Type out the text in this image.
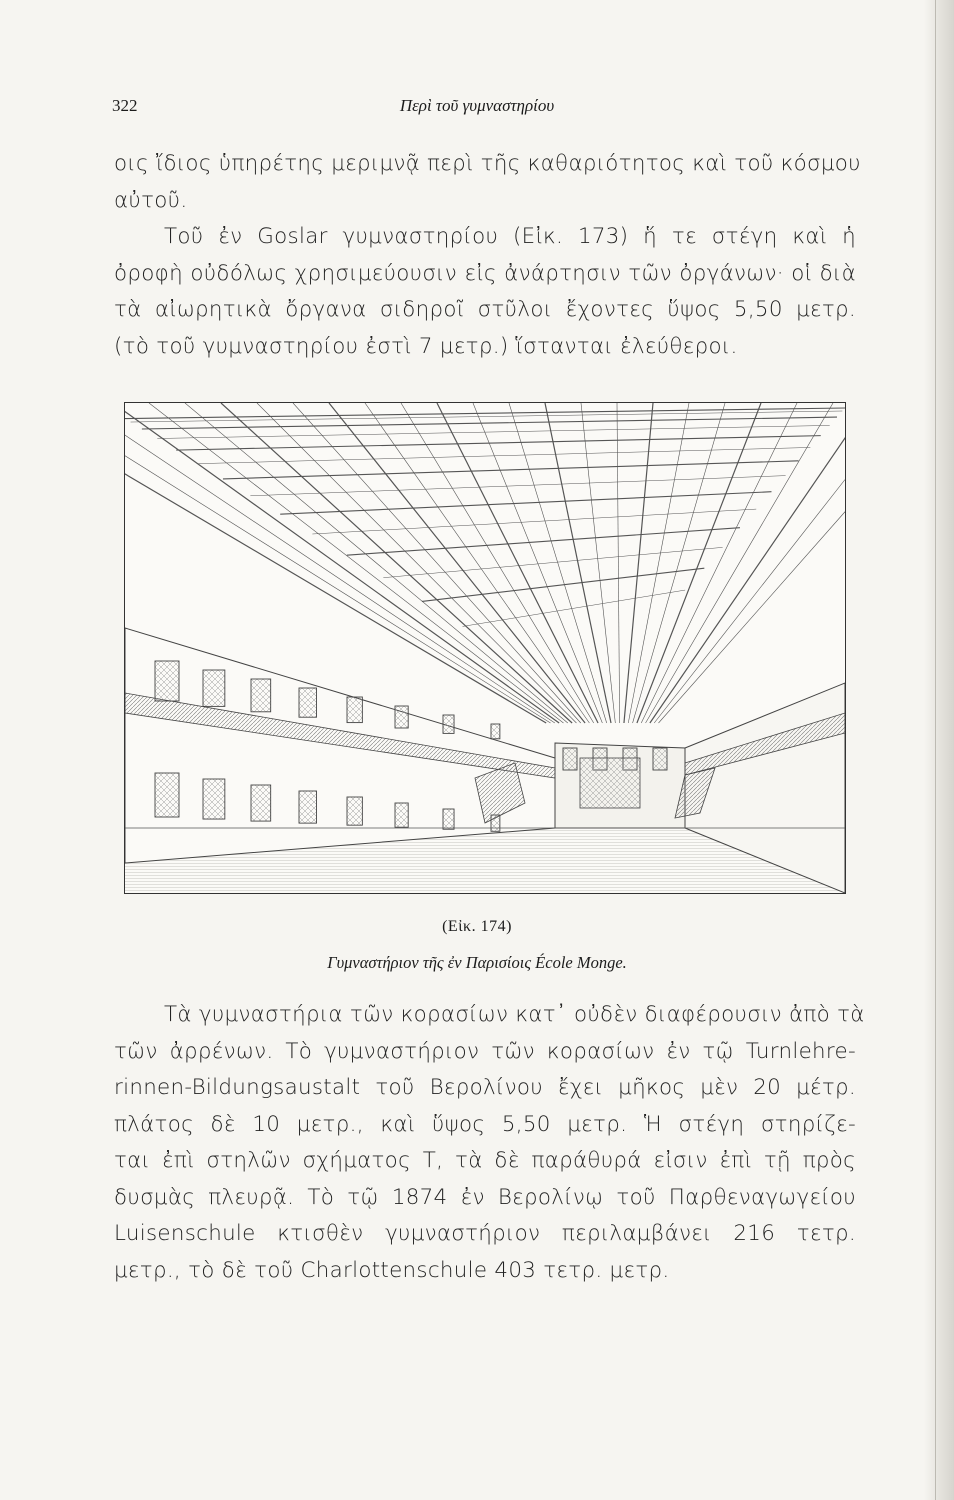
322	Περὶ τοῦ γυμναστηρίου
οις ἴδιος ὑπηρέτης μεριμνᾷ περὶ τῆς καθαριότητος καὶ τοῦ κόσμου
αὐτοῦ.
Τοῦ ἐν Goslar γυμναστηρίου (Εἰκ. 173) ἥ τε στέγη καὶ ἡ
ὀροφὴ οὐδόλως χρησιμεύουσιν εἰς ἀνάρτησιν τῶν ὀργάνων· οἱ διὰ
τὰ αἰωρητικὰ ὄργανα σιδηροῖ στῦλοι ἔχοντες ὕψος 5,50 μετρ.
(τὸ τοῦ γυμναστηρίου ἐστὶ 7 μετρ.) ἵστανται ἐλεύθεροι.
(Εἰκ. 174)
Γυμναστήριον τῆς ἐν Παρισίοις École Monge.
Τὰ γυμναστήρια τῶν κορασίων κατ᾽ οὐδὲν διαφέρουσιν ἀπὸ τὰ
τῶν ἀρρένων. Τὸ γυμναστήριον τῶν κορασίων ἐν τῷ Turnlehre-
rinnen-Bildungsaustalt τοῦ Βερολίνου ἔχει μῆκος μὲν 20 μέτρ.
πλάτος δὲ 10 μετρ., καὶ ὕψος 5,50 μετρ. Ἡ στέγη στηρίζε-
ται ἐπὶ στηλῶν σχήματος Τ, τὰ δὲ παράθυρά εἰσιν ἐπὶ τῇ πρὸς
δυσμὰς πλευρᾷ. Τὸ τῷ 1874 ἐν Βερολίνῳ τοῦ Παρθεναγωγείου
Luisenschule κτισθὲν γυμναστήριον περιλαμβάνει 216 τετρ.
μετρ., τὸ δὲ τοῦ Charlottenschule 403 τετρ. μετρ.
